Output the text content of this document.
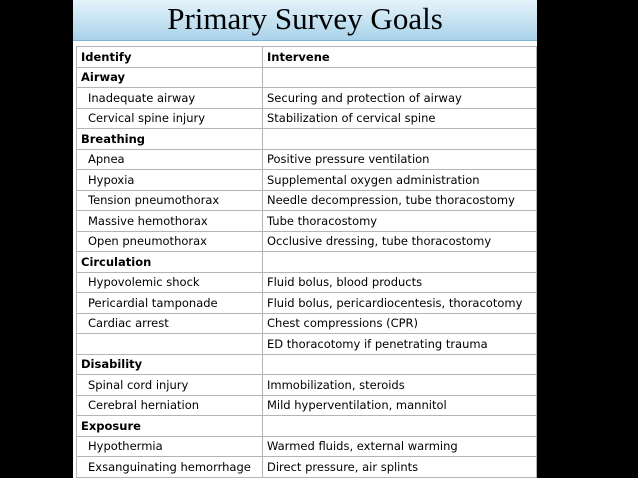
Primary Survey Goals
Identify	Intervene
Airway	
Inadequate airway	Securing and protection of airway
Cervical spine injury	Stabilization of cervical spine
Breathing	
Apnea	Positive pressure ventilation
Hypoxia	Supplemental oxygen administration
Tension pneumothorax	Needle decompression, tube thoracostomy
Massive hemothorax	Tube thoracostomy
Open pneumothorax	Occlusive dressing, tube thoracostomy
Circulation	
Hypovolemic shock	Fluid bolus, blood products
Pericardial tamponade	Fluid bolus, pericardiocentesis, thoracotomy
Cardiac arrest	Chest compressions (CPR)
	ED thoracotomy if penetrating trauma
Disability	
Spinal cord injury	Immobilization, steroids
Cerebral herniation	Mild hyperventilation, mannitol
Exposure	
Hypothermia	Warmed fluids, external warming
Exsanguinating hemorrhage	Direct pressure, air splints
